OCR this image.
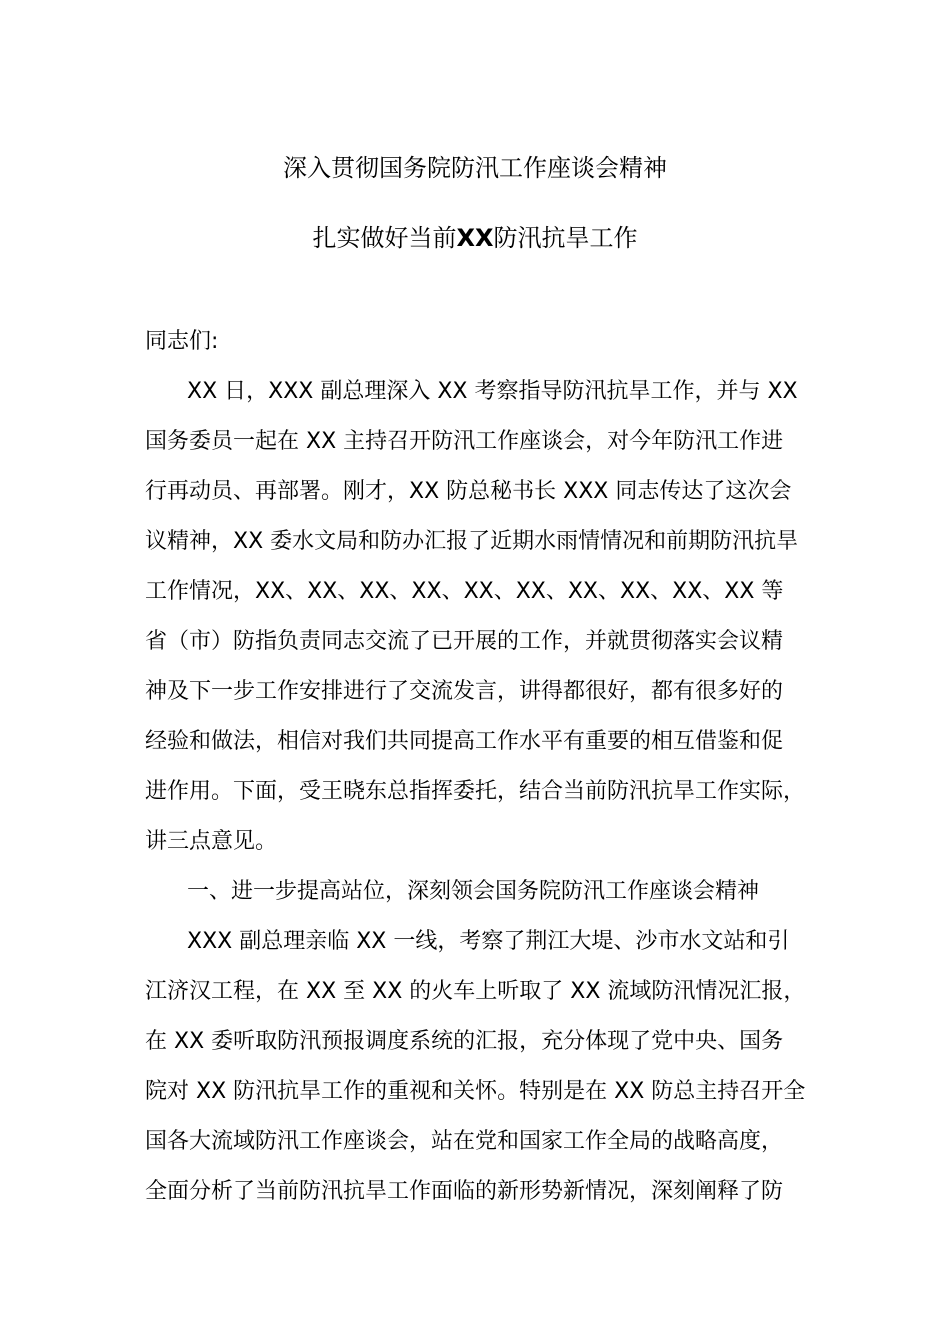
深入贯彻国务院防汛工作座谈会精神
扎实做好当前XX防汛抗旱工作

同志们:

XX 日，XXX 副总理深入 XX 考察指导防汛抗旱工作，并与 XX

国务委员一起在 XX 主持召开防汛工作座谈会，对今年防汛工作进

行再动员、再部署。刚才，XX 防总秘书长 XXX 同志传达了这次会

议精神，XX 委水文局和防办汇报了近期水雨情情况和前期防汛抗旱

工作情况，XX、XX、XX、XX、XX、XX、XX、XX、XX、XX 等

省（市）防指负责同志交流了已开展的工作，并就贯彻落实会议精

神及下一步工作安排进行了交流发言，讲得都很好，都有很多好的

经验和做法，相信对我们共同提高工作水平有重要的相互借鉴和促

进作用。下面，受王晓东总指挥委托，结合当前防汛抗旱工作实际，

讲三点意见。

一、进一步提高站位，深刻领会国务院防汛工作座谈会精神

XXX 副总理亲临 XX 一线，考察了荆江大堤、沙市水文站和引

江济汉工程，在 XX 至 XX 的火车上听取了 XX 流域防汛情况汇报，

在 XX 委听取防汛预报调度系统的汇报，充分体现了党中央、国务

院对 XX 防汛抗旱工作的重视和关怀。特别是在 XX 防总主持召开全

国各大流域防汛工作座谈会，站在党和国家工作全局的战略高度，

全面分析了当前防汛抗旱工作面临的新形势新情况，深刻阐释了防
